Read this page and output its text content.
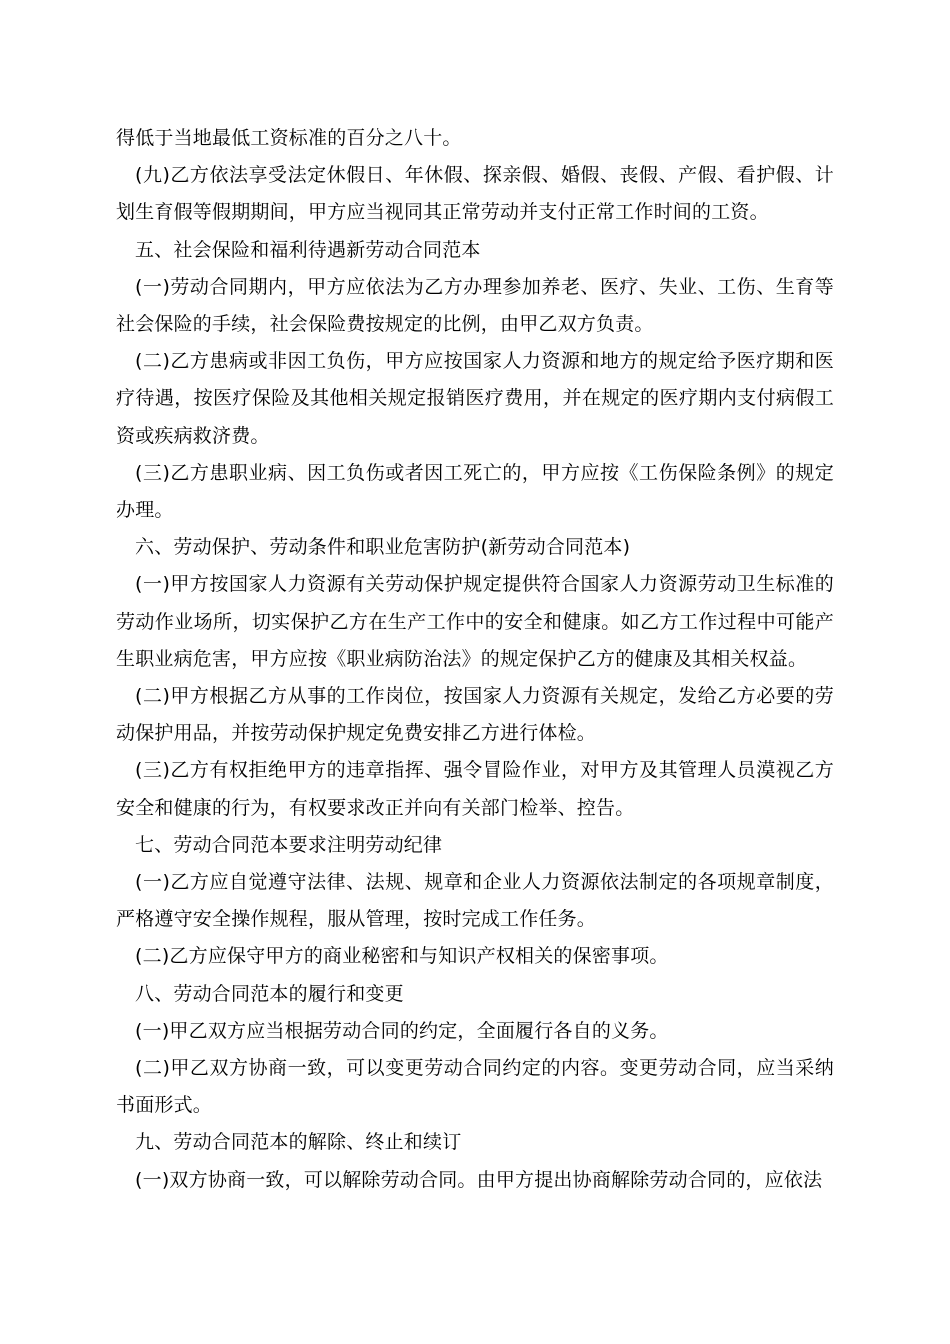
得低于当地最低工资标准的百分之八十。

(九)乙方依法享受法定休假日、年休假、探亲假、婚假、丧假、产假、看护假、计划生育假等假期期间，甲方应当视同其正常劳动并支付正常工作时间的工资。

五、社会保险和福利待遇新劳动合同范本

(一)劳动合同期内，甲方应依法为乙方办理参加养老、医疗、失业、工伤、生育等社会保险的手续，社会保险费按规定的比例，由甲乙双方负责。

(二)乙方患病或非因工负伤，甲方应按国家人力资源和地方的规定给予医疗期和医疗待遇，按医疗保险及其他相关规定报销医疗费用，并在规定的医疗期内支付病假工资或疾病救济费。

(三)乙方患职业病、因工负伤或者因工死亡的，甲方应按《工伤保险条例》的规定办理。

六、劳动保护、劳动条件和职业危害防护(新劳动合同范本)

(一)甲方按国家人力资源有关劳动保护规定提供符合国家人力资源劳动卫生标准的劳动作业场所，切实保护乙方在生产工作中的安全和健康。如乙方工作过程中可能产生职业病危害，甲方应按《职业病防治法》的规定保护乙方的健康及其相关权益。

(二)甲方根据乙方从事的工作岗位，按国家人力资源有关规定，发给乙方必要的劳动保护用品，并按劳动保护规定免费安排乙方进行体检。

(三)乙方有权拒绝甲方的违章指挥、强令冒险作业，对甲方及其管理人员漠视乙方安全和健康的行为，有权要求改正并向有关部门检举、控告。

七、劳动合同范本要求注明劳动纪律

(一)乙方应自觉遵守法律、法规、规章和企业人力资源依法制定的各项规章制度，严格遵守安全操作规程，服从管理，按时完成工作任务。

(二)乙方应保守甲方的商业秘密和与知识产权相关的保密事项。

八、劳动合同范本的履行和变更

(一)甲乙双方应当根据劳动合同的约定，全面履行各自的义务。

(二)甲乙双方协商一致，可以变更劳动合同约定的内容。变更劳动合同，应当采纳书面形式。

九、劳动合同范本的解除、终止和续订

(一)双方协商一致，可以解除劳动合同。由甲方提出协商解除劳动合同的，应依法
